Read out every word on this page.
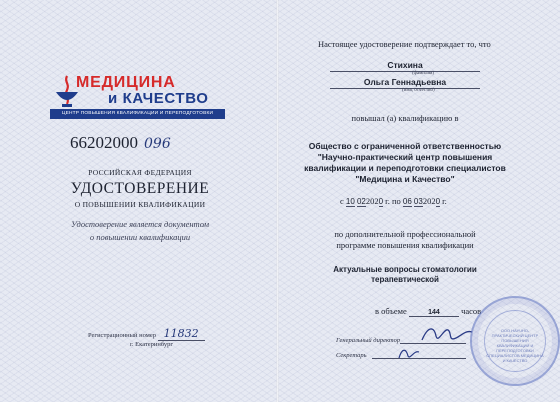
МЕДИЦИНА
и КАЧЕСТВО
ЦЕНТР ПОВЫШЕНИЯ КВАЛИФИКАЦИИ И ПЕРЕПОДГОТОВКИ
66202000 096
РОССИЙСКАЯ ФЕДЕРАЦИЯ
УДОСТОВЕРЕНИЕ
О ПОВЫШЕНИИ КВАЛИФИКАЦИИ
Удостоверение является документом
о повышении квалификации
Регистрационный номер 11832
г. Екатеринбург
Настоящее удостоверение подтверждает то, что
Стихина
(фамилия)
Ольга Геннадьевна
(имя, отчество)
повышал (а) квалификацию в
Общество с ограниченной ответственностью
"Научно-практический центр повышения
квалификации и переподготовки специалистов
"Медицина и Качество"
с 10 022020 г. по 06 032020 г.
по дополнительной профессиональной
программе повышения квалификации
Актуальные вопросы стоматологии
терапевтической
в объеме	144	часов
Генеральный директор
Секретарь
ООО НАУЧНО-ПРАКТИЧЕСКИЙ ЦЕНТР ПОВЫШЕНИЯ КВАЛИФИКАЦИИ И ПЕРЕПОДГОТОВКИ СПЕЦИАЛИСТОВ МЕДИЦИНА И КАЧЕСТВО
